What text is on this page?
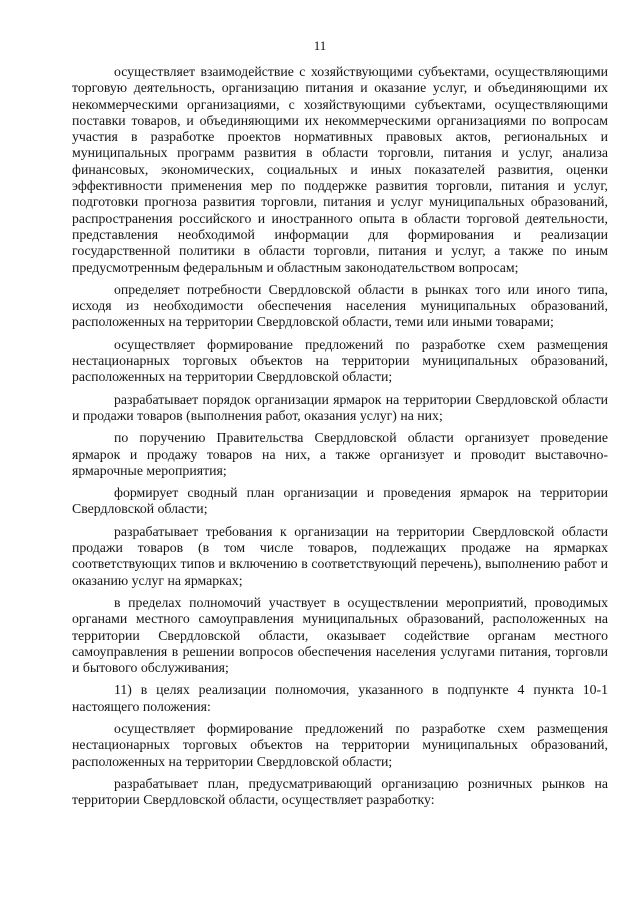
11

осуществляет взаимодействие с хозяйствующими субъектами, осуществляющими торговую деятельность, организацию питания и оказание услуг, и объединяющими их некоммерческими организациями, с хозяйствующими субъектами, осуществляющими поставки товаров, и объединяющими их некоммерческими организациями по вопросам участия в разработке проектов нормативных правовых актов, региональных и муниципальных программ развития в области торговли, питания и услуг, анализа финансовых, экономических, социальных и иных показателей развития, оценки эффективности применения мер по поддержке развития торговли, питания и услуг, подготовки прогноза развития торговли, питания и услуг муниципальных образований, распространения российского и иностранного опыта в области торговой деятельности, представления необходимой информации для формирования и реализации государственной политики в области торговли, питания и услуг, а также по иным предусмотренным федеральным и областным законодательством вопросам;

определяет потребности Свердловской области в рынках того или иного типа, исходя из необходимости обеспечения населения муниципальных образований, расположенных на территории Свердловской области, теми или иными товарами;

осуществляет формирование предложений по разработке схем размещения нестационарных торговых объектов на территории муниципальных образований, расположенных на территории Свердловской области;

разрабатывает порядок организации ярмарок на территории Свердловской области и продажи товаров (выполнения работ, оказания услуг) на них;

по поручению Правительства Свердловской области организует проведение ярмарок и продажу товаров на них, а также организует и проводит выставочно-ярмарочные мероприятия;

формирует сводный план организации и проведения ярмарок на территории Свердловской области;

разрабатывает требования к организации на территории Свердловской области продажи товаров (в том числе товаров, подлежащих продаже на ярмарках соответствующих типов и включению в соответствующий перечень), выполнению работ и оказанию услуг на ярмарках;

в пределах полномочий участвует в осуществлении мероприятий, проводимых органами местного самоуправления муниципальных образований, расположенных на территории Свердловской области, оказывает содействие органам местного самоуправления в решении вопросов обеспечения населения услугами питания, торговли и бытового обслуживания;

11) в целях реализации полномочия, указанного в подпункте 4 пункта 10-1 настоящего положения:

осуществляет формирование предложений по разработке схем размещения нестационарных торговых объектов на территории муниципальных образований, расположенных на территории Свердловской области;

разрабатывает план, предусматривающий организацию розничных рынков на территории Свердловской области, осуществляет разработку:
